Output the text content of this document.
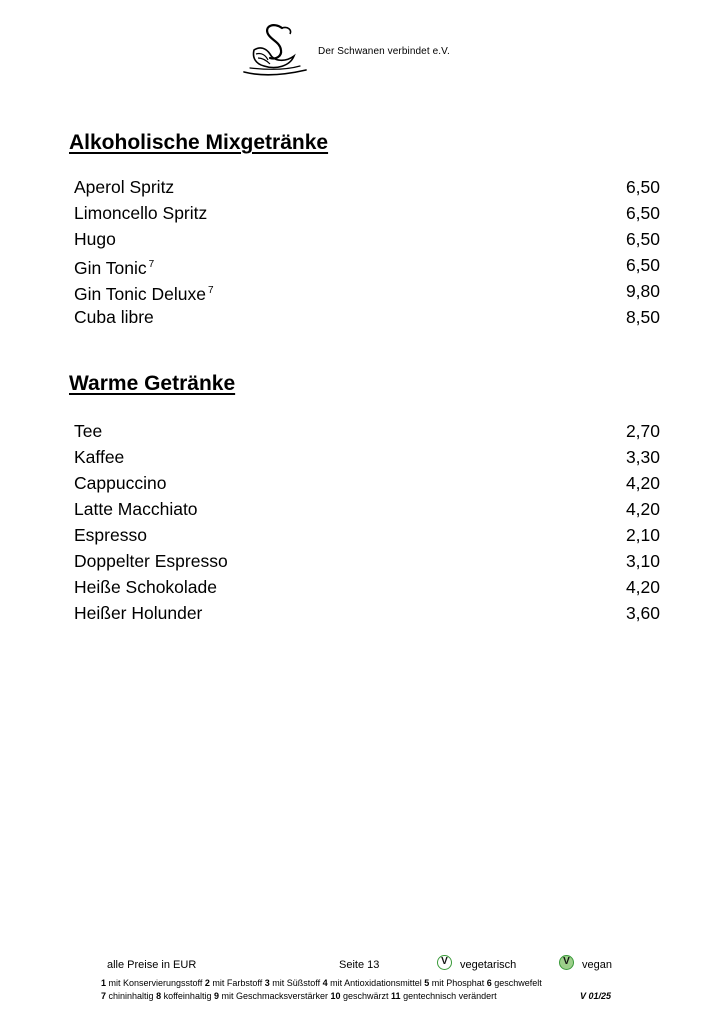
Der Schwanen verbindet e.V.
Alkoholische Mixgetränke
Aperol Spritz	6,50
Limoncello Spritz	6,50
Hugo	6,50
Gin Tonic $^7$	6,50
Gin Tonic Deluxe $^7$	9,80
Cuba libre	8,50
Warme Getränke
Tee	2,70
Kaffee	3,30
Cappuccino	4,20
Latte Macchiato	4,20
Espresso	2,10
Doppelter Espresso	3,10
Heiße Schokolade	4,20
Heißer Holunder	3,60
alle Preise in EUR	Seite 13	V	vegetarisch	V	vegan
1 mit Konservierungsstoff 2 mit Farbstoff 3 mit Süßstoff 4 mit Antioxidationsmittel 5 mit Phosphat 6 geschwefelt
7 chininhaltig 8 koffeinhaltig 9 mit Geschmacksverstärker 10 geschwärzt 11 gentechnisch verändert	V 01/25
